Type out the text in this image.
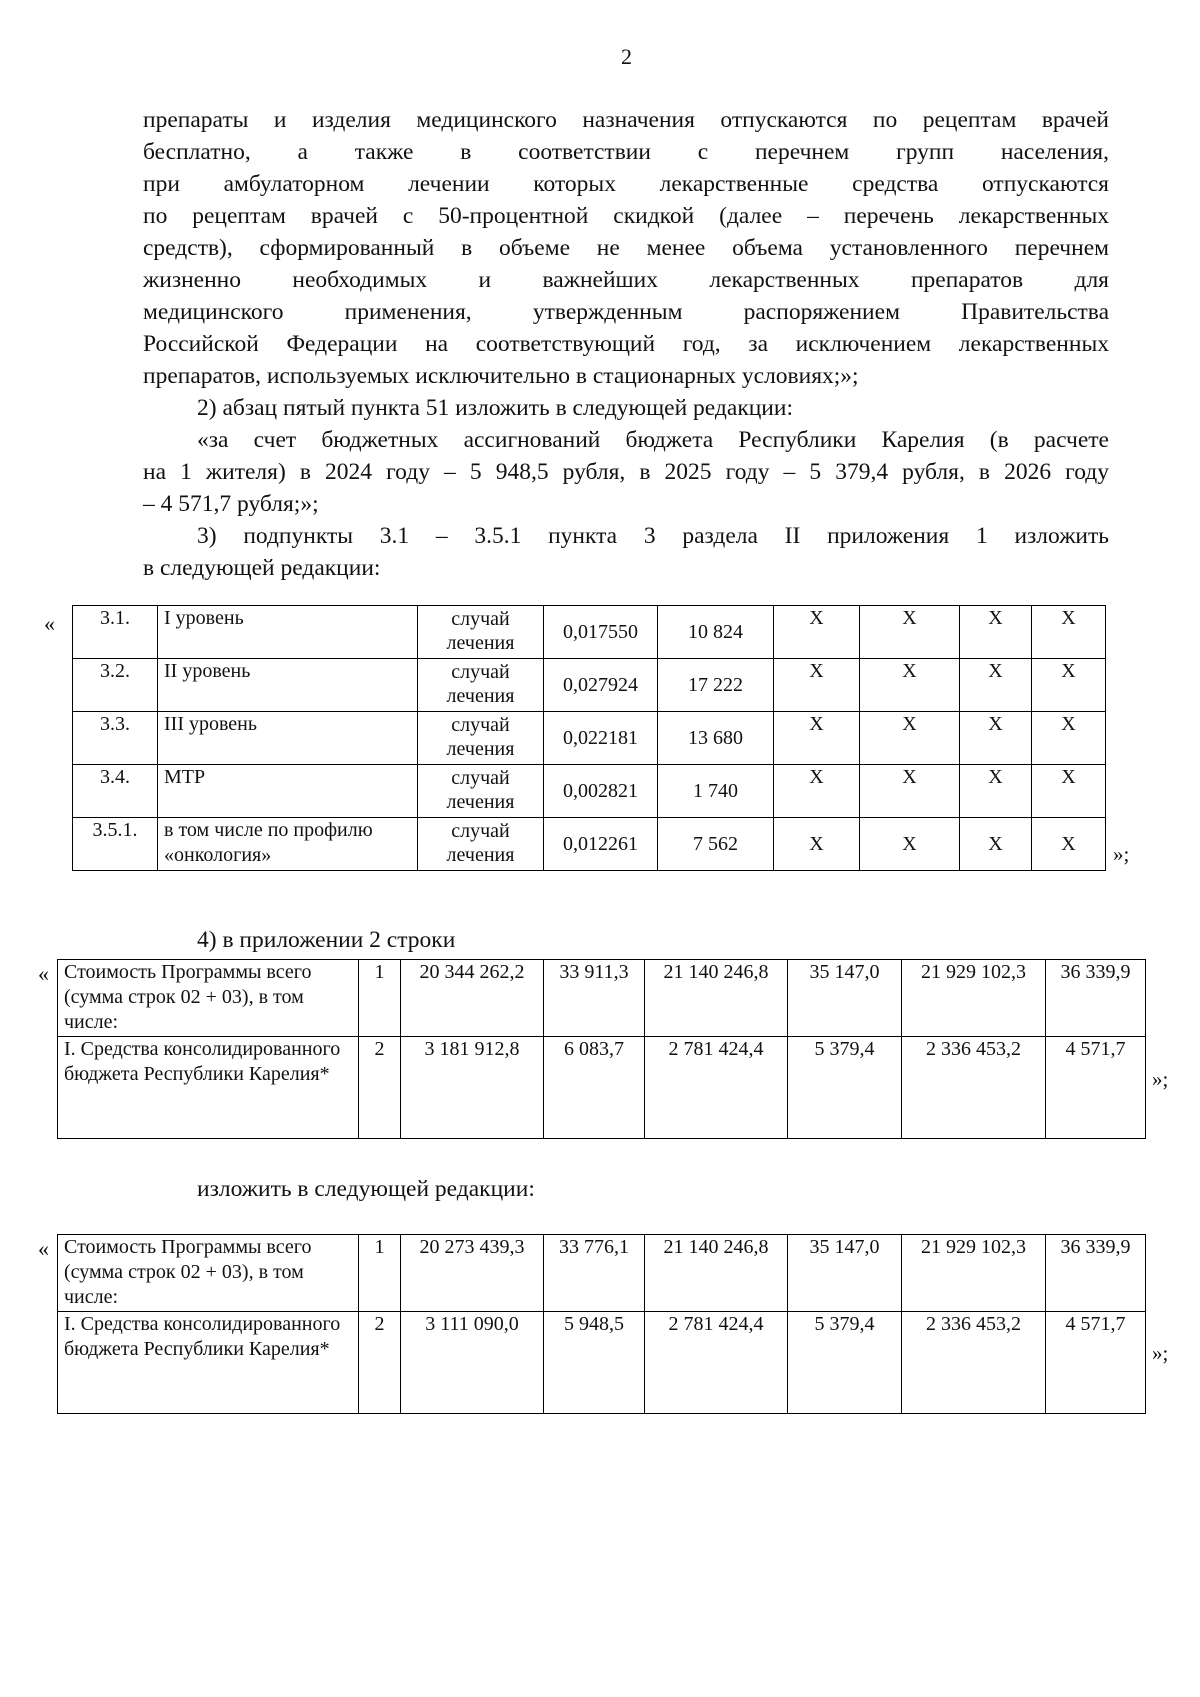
2

препараты и изделия медицинского назначения отпускаются по рецептам врачей

бесплатно, а также в соответствии с перечнем групп населения,

при амбулаторном лечении которых лекарственные средства отпускаются

по рецептам врачей с 50-процентной скидкой (далее – перечень лекарственных

средств), сформированный в объеме не менее объема установленного перечнем

жизненно необходимых и важнейших лекарственных препаратов для

медицинского применения, утвержденным распоряжением Правительства

Российской Федерации на соответствующий год, за исключением лекарственных

препаратов, используемых исключительно в стационарных условиях;»;

2) абзац пятый пункта 51 изложить в следующей редакции:

«за счет бюджетных ассигнований бюджета Республики Карелия (в расчете

на 1 жителя) в 2024 году – 5 948,5 рубля, в 2025 году – 5 379,4 рубля, в 2026 году

– 4 571,7 рубля;»;

3) подпункты 3.1 – 3.5.1 пункта 3 раздела II приложения 1 изложить

в следующей редакции:

« 3.1.	I уровень	случай лечения	0,017550	10 824	Х	Х	Х	Х
3.2.	II уровень	случай лечения	0,027924	17 222	Х	Х	Х	Х
3.3.	III уровень	случай лечения	0,022181	13 680	Х	Х	Х	Х
3.4.	МТР	случай лечения	0,002821	1 740	Х	Х	Х	Х
3.5.1.	в том числе по профилю «онкология»	случай лечения	0,012261	7 562	Х	Х	Х	Х »;
4) в приложении 2 строки
« Стоимость Программы всего (сумма строк 02 + 03), в том числе:	1	20 344 262,2	33 911,3	21 140 246,8	35 147,0	21 929 102,3	36 339,9
I. Средства консолидированного бюджета Республики Карелия*	2	3 181 912,8	6 083,7	2 781 424,4	5 379,4	2 336 453,2	4 571,7
»;
изложить в следующей редакции:
« Стоимость Программы всего (сумма строк 02 + 03), в том числе:	1	20 273 439,3	33 776,1	21 140 246,8	35 147,0	21 929 102,3	36 339,9
I. Средства консолидированного бюджета Республики Карелия*	2	3 111 090,0	5 948,5	2 781 424,4	5 379,4	2 336 453,2	4 571,7
»;
